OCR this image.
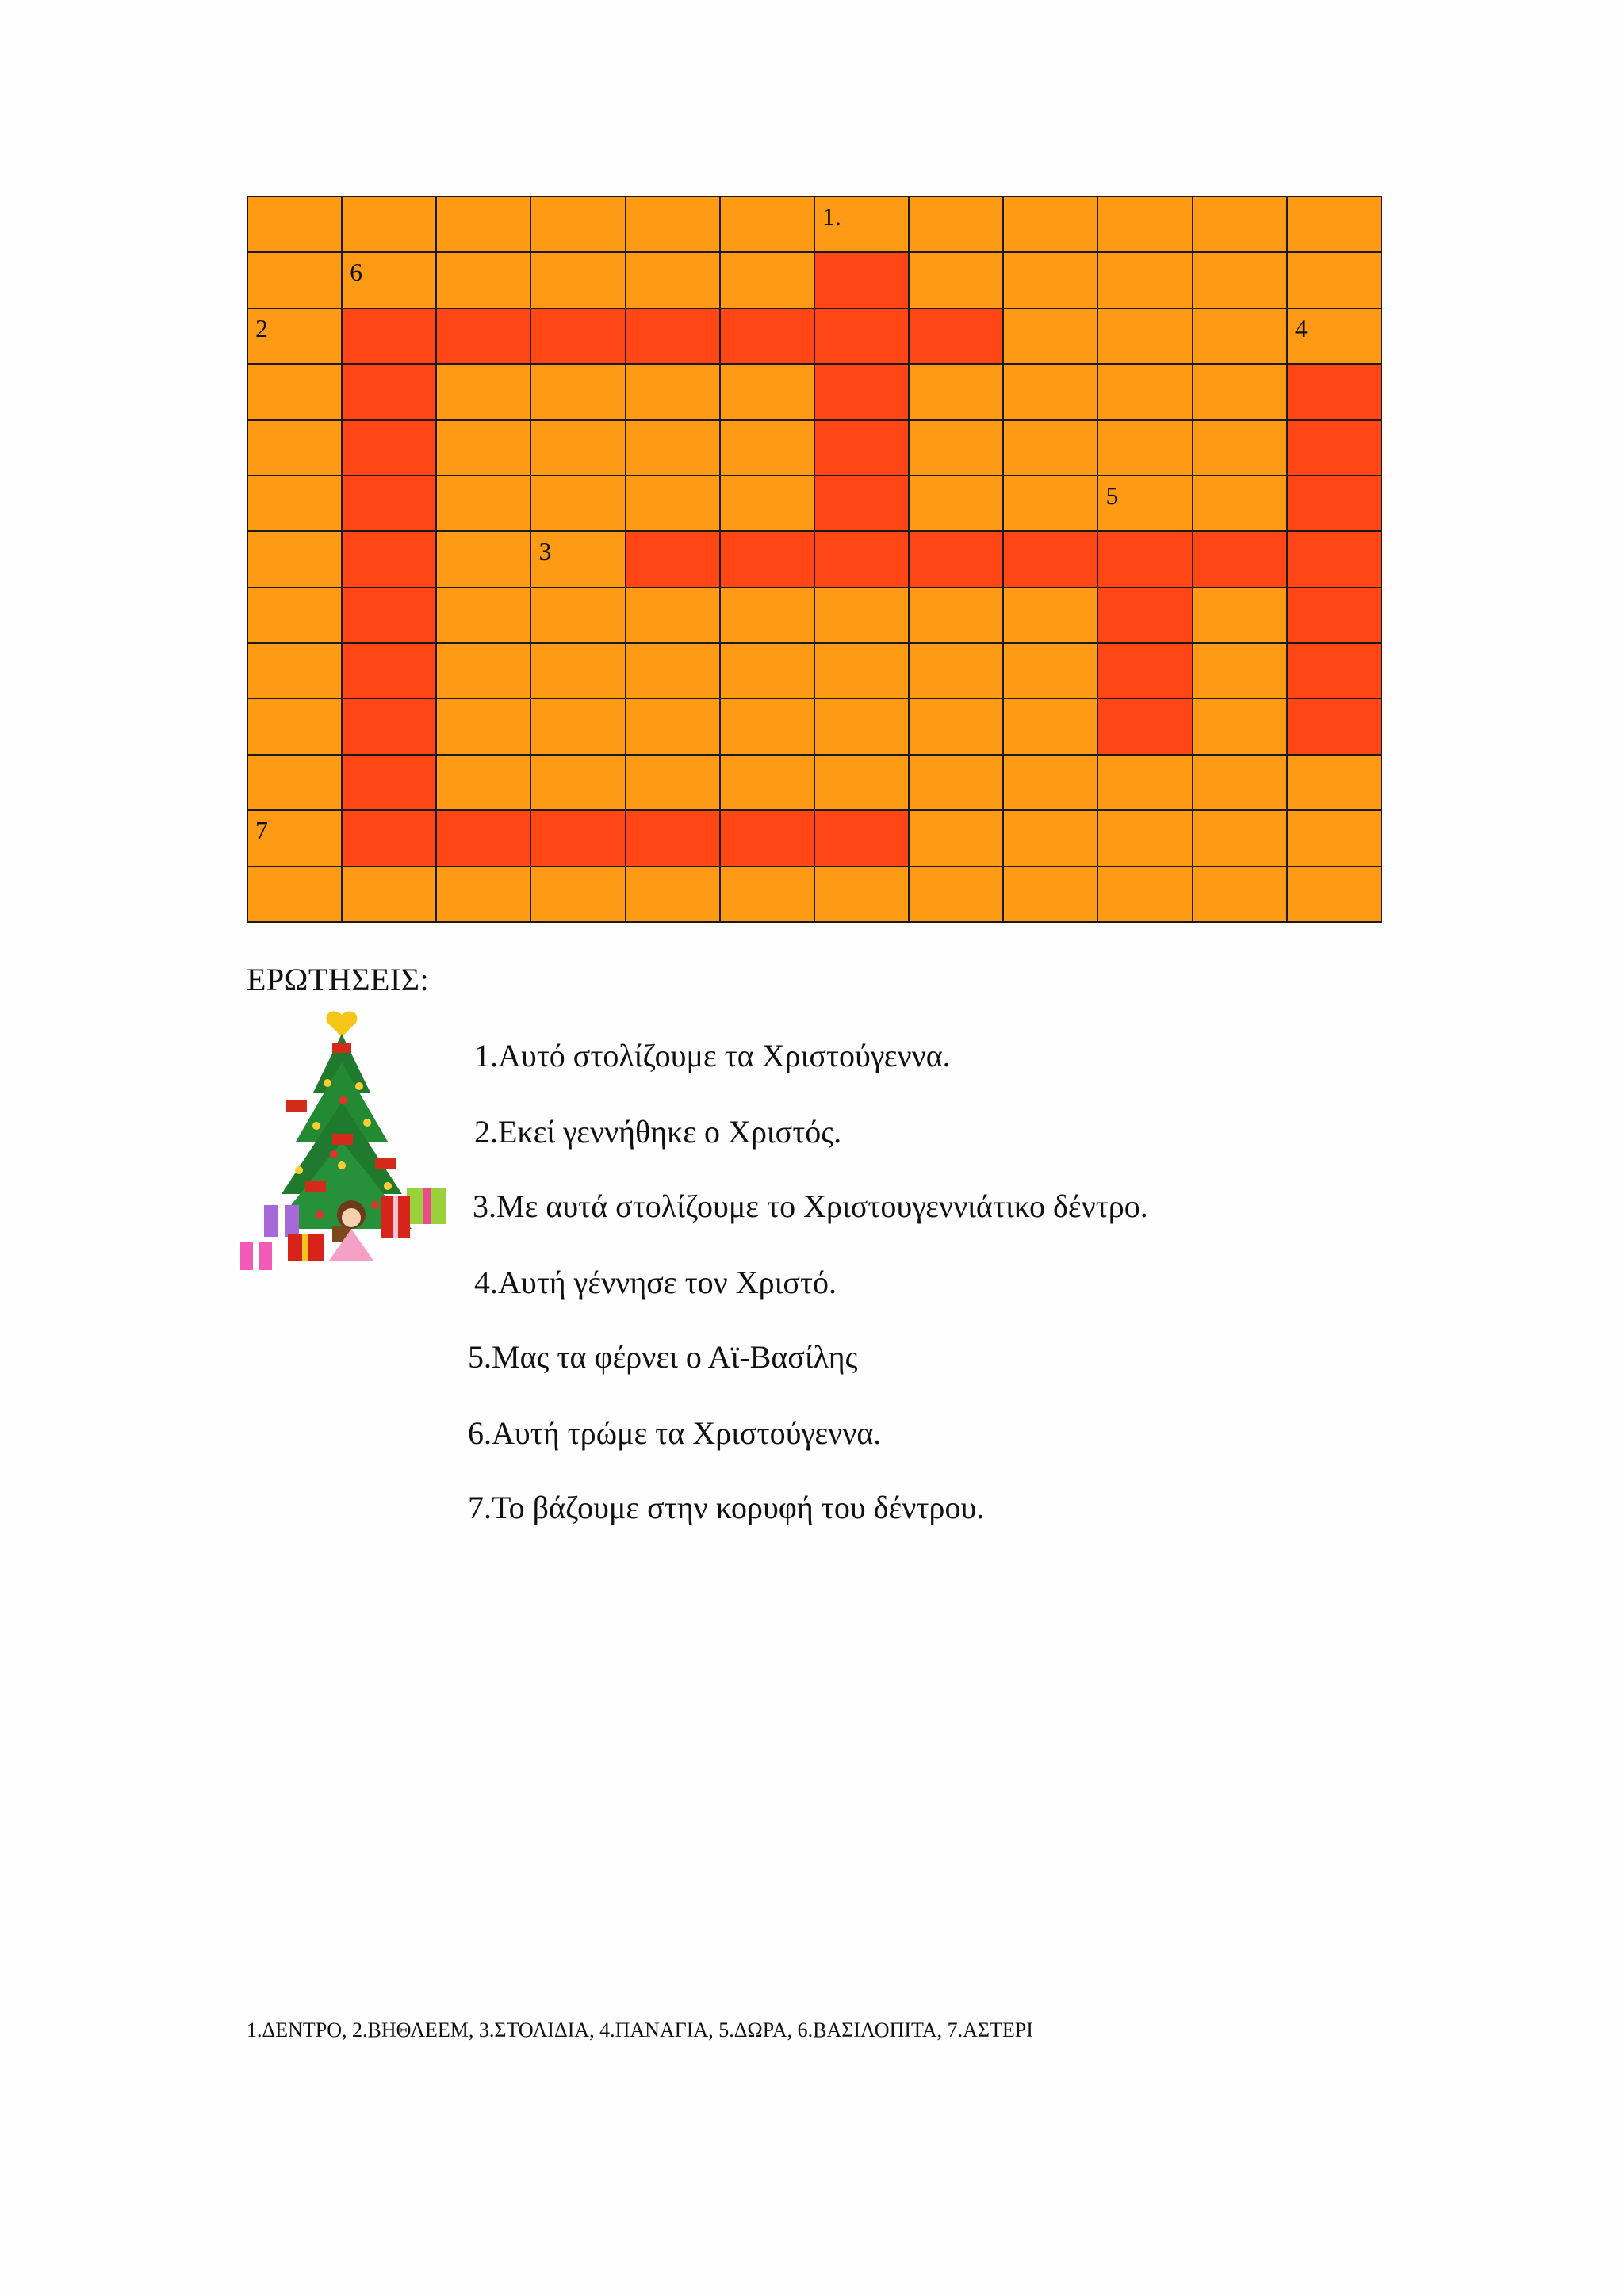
1.
6
2	4
5
3
7
ΕΡΩΤΗΣΕΙΣ:
1.Αυτό στολίζουμε τα Χριστούγεννα.
2.Εκεί γεννήθηκε ο Χριστός.
3.Με αυτά στολίζουμε το Χριστουγεννιάτικο δέντρο.
4.Αυτή γέννησε τον Χριστό.
5.Μας τα φέρνει ο Αϊ-Βασίλης
6.Αυτή τρώμε τα Χριστούγεννα.
7.Το βάζουμε στην κορυφή του δέντρου.
1.ΔΕΝΤΡΟ, 2.ΒΗΘΛΕΕΜ, 3.ΣΤΟΛΙΔΙΑ, 4.ΠΑΝΑΓΙΑ, 5.ΔΩΡΑ, 6.ΒΑΣΙΛΟΠΙΤΑ, 7.ΑΣΤΕΡΙ
